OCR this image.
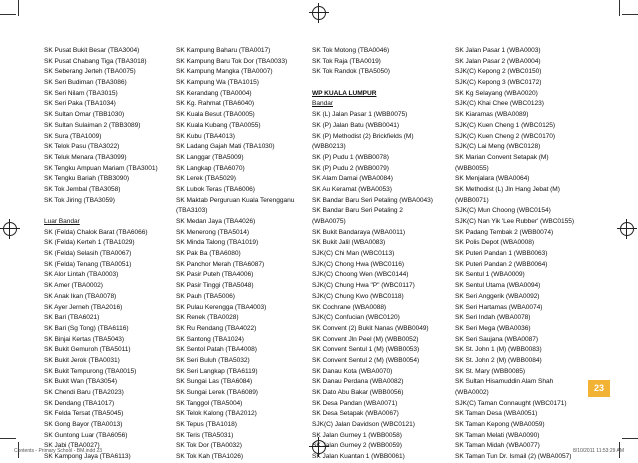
SK Pusat Bukit Besar (TBA3004)
SK Pusat Chabang Tiga (TBA3018)
SK Seberang Jerteh (TBA0075)
SK Seri Budiman (TBA3086)
SK Seri Nilam (TBA3015)
SK Seri Paka (TBA1034)
SK Sultan Omar (TBB1030)
SK Sultan Sulaiman 2 (TBB3089)
SK Sura (TBA1009)
SK Telok Pasu (TBA3022)
SK Teluk Menara (TBA3099)
SK Tengku Ampuan Mariam (TBA3001)
SK Tengku Bariah (TBB3090)
SK Tok Jembal (TBA3058)
SK Tok Jiring (TBA3059)
Luar Bandar
SK (Felda) Chalok Barat (TBA6066)
SK (Felda) Kerteh 1 (TBA1029)
SK (Felda) Selasih (TBA0067)
SK (Felda) Tenang (TBA0051)
SK Alor Lintah (TBA0003)
SK Amer (TBA0002)
SK Anak Ikan (TBA0078)
SK Ayer Jerneh (TBA2016)
SK Bari (TBA6021)
SK Bari (Sg Tong) (TBA6116)
SK Binjai Kertas (TBA5043)
SK Bukit Gemuroh (TBA5011)
SK Bukit Jerok (TBA0031)
SK Bukit Tempurong (TBA0015)
SK Bukit Wan (TBA3054)
SK Chendi Baru (TBA2023)
SK Dendang (TBA1017)
SK Felda Tersat (TBA5045)
SK Gong Bayor (TBA0013)
SK Guntong Luar (TBA6056)
SK Jabi (TBA0027)
SK Kampong Jaya (TBA6113)
SK Kampung Baharu (TBA0017)
SK Kampung Baru Tok Dor (TBA0033)
SK Kampung Mangka (TBA0007)
SK Kampung Wa (TBA1015)
SK Kerandang (TBA0004)
SK Kg. Rahmat (TBA6040)
SK Kuala Besut (TBA0005)
SK Kuala Kubang (TBA0055)
SK Kubu (TBA4013)
SK Ladang Gajah Mati (TBA1030)
SK Langgar (TBA5009)
SK Langkap (TBA6070)
SK Lerek (TBA5029)
SK Lubok Teras (TBA6006)
SK Maktab Perguruan Kuala Terengganu
(TBA3103)
SK Medan Jaya (TBA4026)
SK Menerong (TBA5014)
SK Minda Talong (TBA1019)
SK Pak Ba (TBA6080)
SK Panchor Merah (TBA6087)
SK Pasir Puteh (TBA4006)
SK Pasir Tinggi (TBA5048)
SK Pauh (TBA5006)
SK Pulau Kerengga (TBA4003)
SK Renek (TBA0028)
SK Ru Rendang (TBA4022)
SK Santong (TBA1024)
SK Sentol Patah (TBA4008)
SK Seri Buluh (TBA5032)
SK Seri Langkap (TBA6119)
SK Sungai Las (TBA6084)
SK Sungai Lerek (TBA6089)
SK Tanggol (TBA5004)
SK Telok Kalong (TBA2012)
SK Tepus (TBA1018)
SK Teris (TBA5031)
SK Tok Dor (TBA0032)
SK Tok Kah (TBA1026)
SK Tok Motong (TBA0046)
SK Tok Raja (TBA0019)
SK Tok Randok (TBA5050)
WP KUALA LUMPUR
Bandar
SK (L) Jalan Pasar 1 (WBB0075)
SK (P) Jalan Batu (WBB0041)
SK (P) Methodist (2) Brickfields (M)
(WBB0213)
SK (P) Pudu 1 (WBB0078)
SK (P) Pudu 2 (WBB0079)
SK Alam Damai (WBA0084)
SK Au Keramat (WBA0053)
SK Bandar Baru Seri Petaling (WBA0043)
SK Bandar Baru Seri Petaling 2
(WBA0075)
SK Bukit Bandaraya (WBA0011)
SK Bukit Jalil (WBA0083)
SJK(C) Chi Man (WBC0113)
SJK(C) Chong Hwa (WBC0116)
SJK(C) Choong Wen (WBC0144)
SJK(C) Chung Hwa "P" (WBC0117)
SJK(C) Chung Kwo (WBC0118)
SK Cochrane (WBA0088)
SJK(C) Confucian (WBC0120)
SK Convent (2) Bukit Nanas (WBB0049)
SK Convent Jln Peel (M) (WBB0052)
SK Convent Sentul 1 (M) (WBB0053)
SK Convent Sentul 2 (M) (WBB0054)
SK Danau Kota (WBA0070)
SK Danau Perdana (WBA0082)
SK Dato Abu Bakar (WBB0056)
SK Desa Pandan (WBA0071)
SK Desa Setapak (WBA0067)
SJK(C) Jalan Davidson (WBC0121)
SK Jalan Gurney 1 (WBB0058)
SK Jalan Gurney 2 (WBB0059)
SK Jalan Kuantan 1 (WBB0061)
SK Jalan Pasar 1 (WBA0003)
SK Jalan Pasar 2 (WBA0004)
SJK(C) Kepong 2 (WBC0150)
SJK(C) Kepong 3 (WBC0172)
SK Kg Selayang (WBA0020)
SJK(C) Khai Chee (WBC0123)
SK Kiaramas (WBA0089)
SJK(C) Kuen Cheng 1 (WBC0125)
SJK(C) Kuen Cheng 2 (WBC0170)
SJK(C) Lai Meng (WBC0128)
SK Marian Convent Setapak (M)
(WBB0055)
SK Menjalara (WBA0064)
SK Methodist (L) Jln Hang Jebat (M)
(WBB0071)
SJK(C) Mun Choong (WBC0154)
SJK(C) Nan Yik 'Lee Rubber' (WBC0155)
SK Padang Tembak 2 (WBB0074)
SK Polis Depot (WBA0008)
SK Puteri Pandan 1 (WBB0063)
SK Puteri Pandan 2 (WBB0064)
SK Sentul 1 (WBA0009)
SK Sentul Utama (WBA0094)
SK Seri Anggerik (WBA0092)
SK Seri Hartamas (WBA0074)
SK Seri Indah (WBA0078)
SK Seri Mega (WBA0036)
SK Seri Saujana (WBA0087)
SK St. John 1 (M) (WBB0083)
SK St. John 2 (M) (WBB0084)
SK St. Mary (WBB0085)
SK Sultan Hisamuddin Alam Shah
(WBA0002)
SJK(C) Taman Connaught (WBC0171)
SK Taman Desa (WBA0051)
SK Taman Kepong (WBA0059)
SK Taman Melati (WBA0090)
SK Taman Midah (WBA0077)
SK Taman Tun Dr. Ismail (2) (WBA0057)
23
Contents - Primary School - BM.indd 23	8/10/2011 11:53:29 AM
